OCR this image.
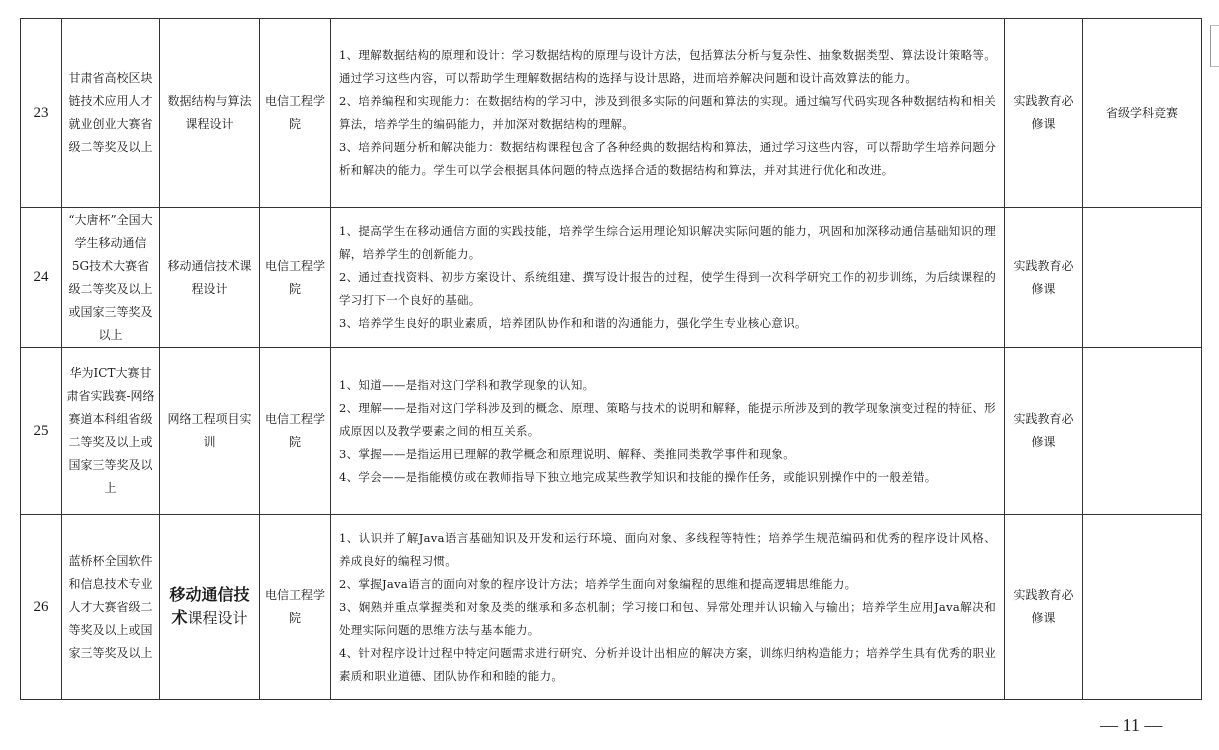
23	甘肃省高校区块链技术应用人才就业创业大赛省级二等奖及以上	数据结构与算法课程设计	电信工程学院	1、理解数据结构的原理和设计：学习数据结构的原理与设计方法，包括算法分析与复杂性、抽象数据类型、算法设计策略等。通过学习这些内容，可以帮助学生理解数据结构的选择与设计思路，进而培养解决问题和设计高效算法的能力。
2、培养编程和实现能力：在数据结构的学习中，涉及到很多实际的问题和算法的实现。通过编写代码实现各种数据结构和相关算法，培养学生的编码能力，并加深对数据结构的理解。
3、培养问题分析和解决能力：数据结构课程包含了各种经典的数据结构和算法，通过学习这些内容，可以帮助学生培养问题分析和解决的能力。学生可以学会根据具体问题的特点选择合适的数据结构和算法，并对其进行优化和改进。	实践教育必修课	省级学科竞赛
24	“大唐杯”全国大学生移动通信5G技术大赛省级二等奖及以上或国家三等奖及以上	移动通信技术课程设计	电信工程学院	1、提高学生在移动通信方面的实践技能，培养学生综合运用理论知识解决实际问题的能力，巩固和加深移动通信基础知识的理解，培养学生的创新能力。
2、通过查找资料、初步方案设计、系统组建、撰写设计报告的过程，使学生得到一次科学研究工作的初步训练，为后续课程的学习打下一个良好的基础。
3、培养学生良好的职业素质，培养团队协作和和谐的沟通能力，强化学生专业核心意识。	实践教育必修课	
25	华为ICT大赛甘肃省实践赛-网络赛道本科组省级二等奖及以上或国家三等奖及以上	网络工程项目实训	电信工程学院	1、知道——是指对这门学科和教学现象的认知。
2、理解——是指对这门学科涉及到的概念、原理、策略与技术的说明和解释，能提示所涉及到的教学现象演变过程的特征、形成原因以及教学要素之间的相互关系。
3、掌握——是指运用已理解的教学概念和原理说明、解释、类推同类教学事件和现象。
4、学会——是指能模仿或在教师指导下独立地完成某些教学知识和技能的操作任务，或能识别操作中的一般差错。	实践教育必修课	
26	蓝桥杯全国软件和信息技术专业人才大赛省级二等奖及以上或国家三等奖及以上	移动通信技术课程设计	电信工程学院	1、认识并了解Java语言基础知识及开发和运行环境、面向对象、多线程等特性；培养学生规范编码和优秀的程序设计风格、养成良好的编程习惯。
2、掌握Java语言的面向对象的程序设计方法；培养学生面向对象编程的思维和提高逻辑思维能力。
3、娴熟并重点掌握类和对象及类的继承和多态机制；学习接口和包、异常处理并认识输入与输出；培养学生应用Java解决和处理实际问题的思维方法与基本能力。
4、针对程序设计过程中特定问题需求进行研究、分析并设计出相应的解决方案，训练归纳构造能力；培养学生具有优秀的职业素质和职业道德、团队协作和和睦的能力。	实践教育必修课	
— 11 —
